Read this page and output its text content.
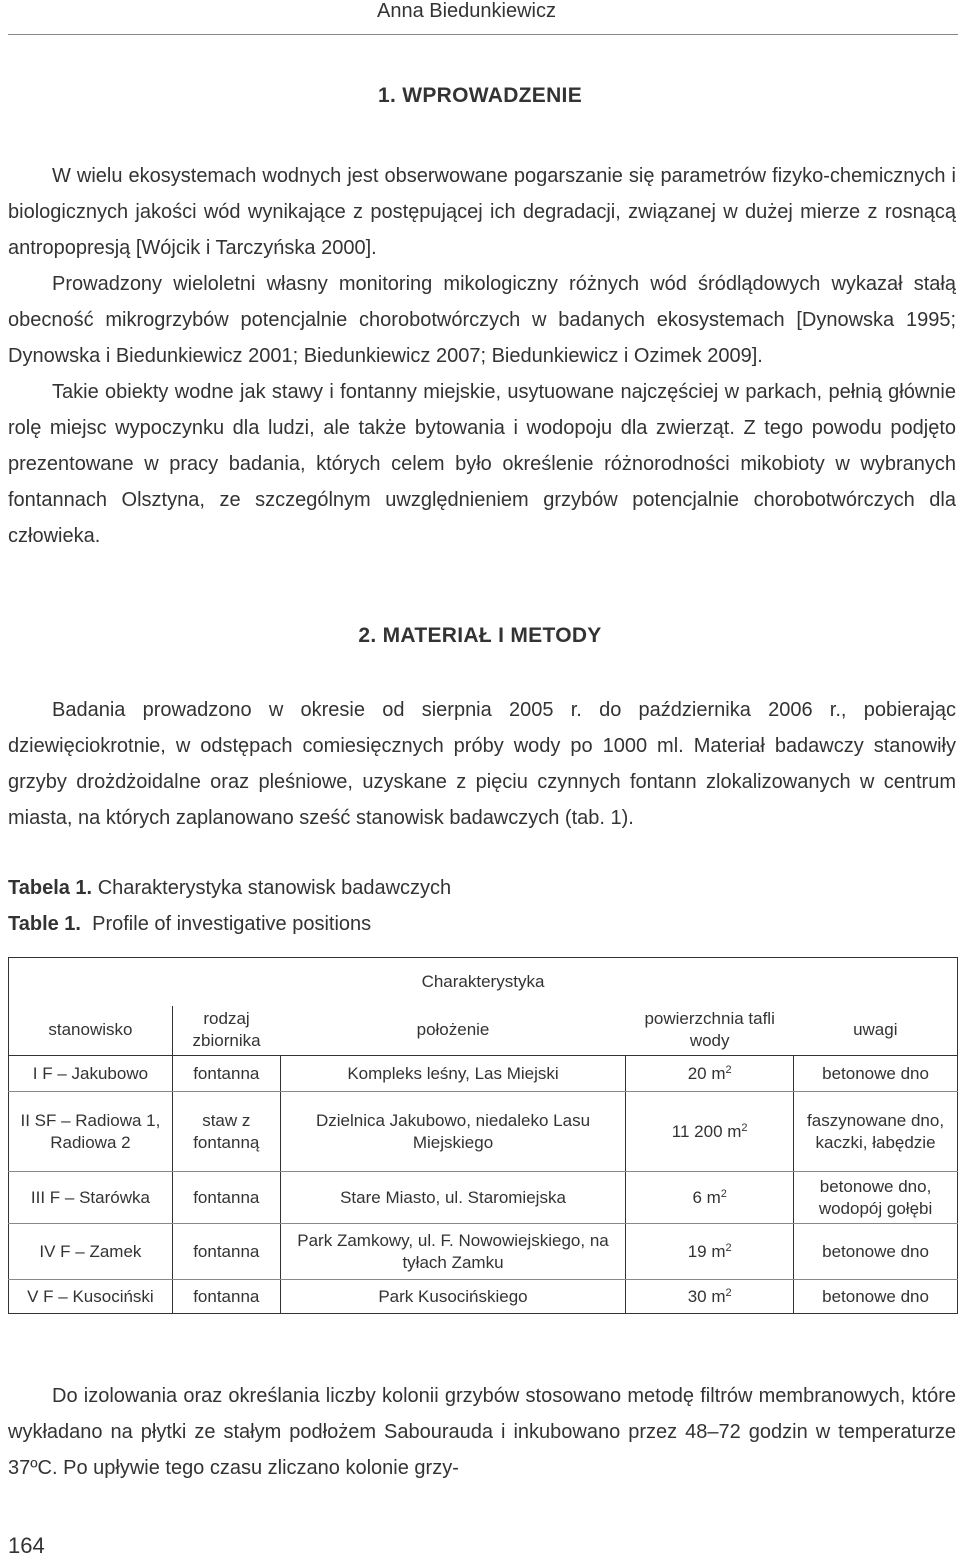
Anna Biedunkiewicz
1. WPROWADZENIE

W wielu ekosystemach wodnych jest obserwowane pogarszanie się parametrów fizyko-chemicznych i biologicznych jakości wód wynikające z postępującej ich degradacji, związanej w dużej mierze z rosnącą antropopresją [Wójcik i Tarczyńska 2000].

Prowadzony wieloletni własny monitoring mikologiczny różnych wód śródlądowych wykazał stałą obecność mikrogrzybów potencjalnie chorobotwórczych w badanych ekosystemach [Dynowska 1995; Dynowska i Biedunkiewicz 2001; Biedunkiewicz 2007; Biedunkiewicz i Ozimek 2009].

Takie obiekty wodne jak stawy i fontanny miejskie, usytuowane najczęściej w parkach, pełnią głównie rolę miejsc wypoczynku dla ludzi, ale także bytowania i wodopoju dla zwierząt. Z tego powodu podjęto prezentowane w pracy badania, których celem było określenie różnorodności mikobioty w wybranych fontannach Olsztyna, ze szczególnym uwzględnieniem grzybów potencjalnie chorobotwórczych dla człowieka.

2. MATERIAŁ I METODY

Badania prowadzono w okresie od sierpnia 2005 r. do października 2006 r., pobierając dziewięciokrotnie, w odstępach comiesięcznych próby wody po 1000 ml. Materiał badawczy stanowiły grzyby drożdżoidalne oraz pleśniowe, uzyskane z pięciu czynnych fontann zlokalizowanych w centrum miasta, na których zaplanowano sześć stanowisk badawczych (tab. 1).

Tabela 1. Charakterystyka stanowisk badawczych
Table 1. Profile of investigative positions
Charakterystyka				
stanowisko	rodzaj zbiornika	położenie	powierzchnia tafli wody	uwagi
I F – Jakubowo	fontanna	Kompleks leśny, Las Miejski	20 $m^2$	betonowe dno
II SF – Radiowa 1, Radiowa 2	staw z fontanną	Dzielnica Jakubowo, niedaleko Lasu Miejskiego	11 200 $m^2$	faszynowane dno, kaczki, łabędzie
III F – Starówka	fontanna	Stare Miasto, ul. Staromiejska	6 $m^2$	betonowe dno, wodopój gołębi
IV F – Zamek	fontanna	Park Zamkowy, ul. F. Nowowiejskiego, na tyłach Zamku	19 $m^2$	betonowe dno
V F – Kusociński	fontanna	Park Kusocińskiego	30 $m^2$	betonowe dno

Do izolowania oraz określania liczby kolonii grzybów stosowano metodę filtrów membranowych, które wykładano na płytki ze stałym podłożem Sabourauda i inkubowano przez 48–72 godzin w temperaturze 37ºC. Po upływie tego czasu zliczano kolonie grzy-

164
